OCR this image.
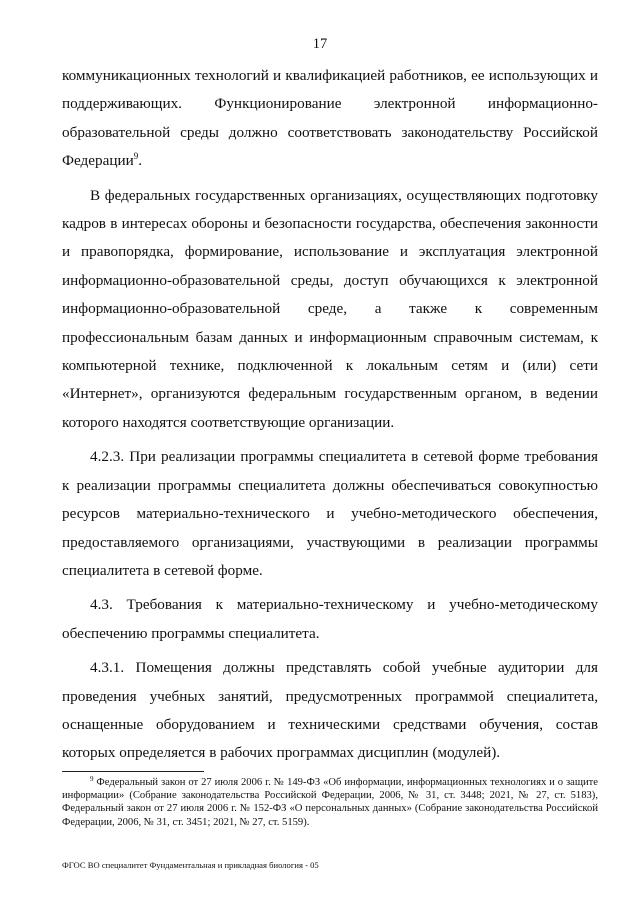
17

коммуникационных технологий и квалификацией работников, ее использующих и поддерживающих. Функционирование электронной информационно-образовательной среды должно соответствовать законодательству Российской Федерации$^9$.

В федеральных государственных организациях, осуществляющих подготовку кадров в интересах обороны и безопасности государства, обеспечения законности и правопорядка, формирование, использование и эксплуатация электронной информационно-образовательной среды, доступ обучающихся к электронной информационно-образовательной среде, а также к современным профессиональным базам данных и информационным справочным системам, к компьютерной технике, подключенной к локальным сетям и (или) сети «Интернет», организуются федеральным государственным органом, в ведении которого находятся соответствующие организации.

4.2.3. При реализации программы специалитета в сетевой форме требования к реализации программы специалитета должны обеспечиваться совокупностью ресурсов материально-технического и учебно-методического обеспечения, предоставляемого организациями, участвующими в реализации программы специалитета в сетевой форме.

4.3. Требования к материально-техническому и учебно-методическому обеспечению программы специалитета.

4.3.1. Помещения должны представлять собой учебные аудитории для проведения учебных занятий, предусмотренных программой специалитета, оснащенные оборудованием и техническими средствами обучения, состав которых определяется в рабочих программах дисциплин (модулей).

$^9$ Федеральный закон от 27 июля 2006 г. № 149-ФЗ «Об информации, информационных технологиях и о защите информации» (Собрание законодательства Российской Федерации, 2006, № 31, ст. 3448; 2021, № 27, ст. 5183), Федеральный закон от 27 июля 2006 г. № 152-ФЗ «О персональных данных» (Собрание законодательства Российской Федерации, 2006, № 31, ст. 3451; 2021, № 27, ст. 5159).
ФГОС ВО специалитет Фундаментальная и прикладная биология - 05
